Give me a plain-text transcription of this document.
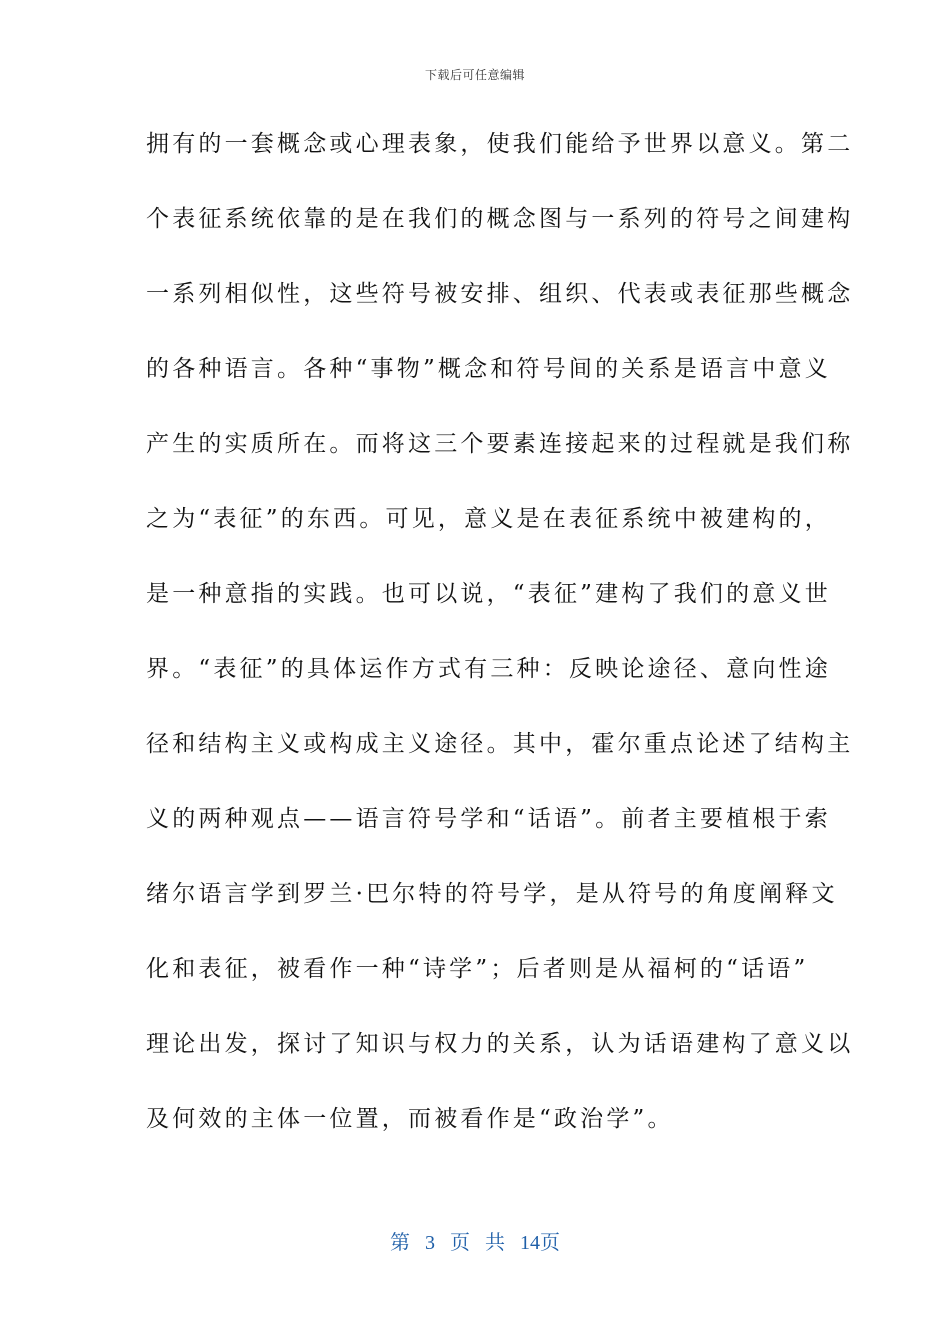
下载后可任意编辑
拥有的一套概念或心理表象，使我们能给予世界以意义。第二
个表征系统依靠的是在我们的概念图与一系列的符号之间建构
一系列相似性，这些符号被安排、组织、代表或表征那些概念
的各种语言。各种“事物”概念和符号间的关系是语言中意义
产生的实质所在。而将这三个要素连接起来的过程就是我们称
之为“表征”的东西。可见，意义是在表征系统中被建构的，
是一种意指的实践。也可以说，“表征”建构了我们的意义世
界。“表征”的具体运作方式有三种：反映论途径、意向性途
径和结构主义或构成主义途径。其中，霍尔重点论述了结构主
义的两种观点——语言符号学和“话语”。前者主要植根于索
绪尔语言学到罗兰·巴尔特的符号学，是从符号的角度阐释文
化和表征，被看作一种“诗学”；后者则是从福柯的“话语”
理论出发，探讨了知识与权力的关系，认为话语建构了意义以
及何效的主体一位置，而被看作是“政治学”。
第 3 页 共 14页
